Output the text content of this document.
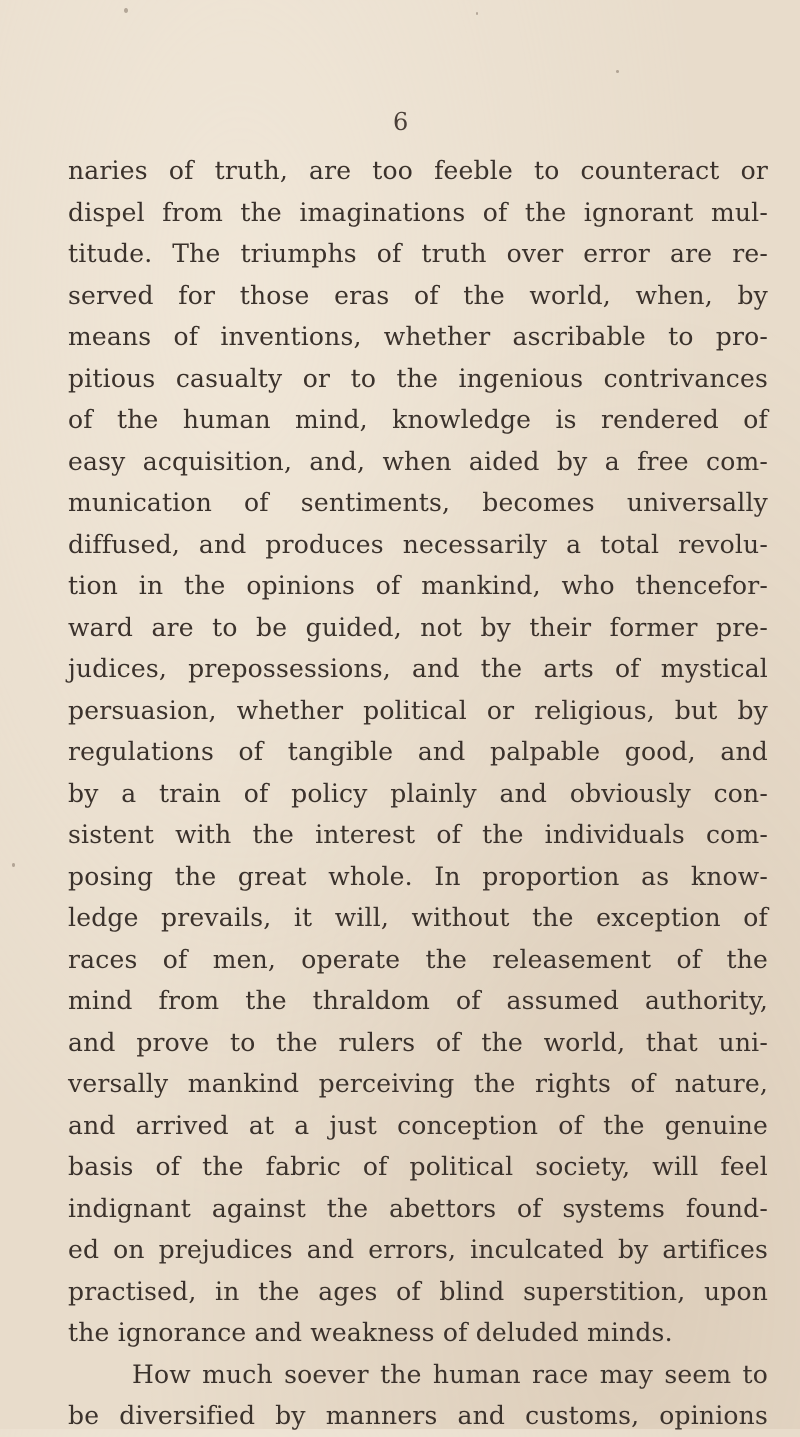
6
naries of truth, are too feeble to counteract or
dispel from the imaginations of the ignorant mul-
titude. The triumphs of truth over error are re-
served for those eras of the world, when, by
means of inventions, whether ascribable to pro-
pitious casualty or to the ingenious contrivances
of the human mind, knowledge is rendered of
easy acquisition, and, when aided by a free com-
munication of sentiments, becomes universally
diffused, and produces necessarily a total revolu-
tion in the opinions of mankind, who thencefor-
ward are to be guided, not by their former pre-
judices, prepossessions, and the arts of mystical
persuasion, whether political or religious, but by
regulations of tangible and palpable good, and
by a train of policy plainly and obviously con-
sistent with the interest of the individuals com-
posing the great whole. In proportion as know-
ledge prevails, it will, without the exception of
races of men, operate the releasement of the
mind from the thraldom of assumed authority,
and prove to the rulers of the world, that uni-
versally mankind perceiving the rights of nature,
and arrived at a just conception of the genuine
basis of the fabric of political society, will feel
indignant against the abettors of systems found-
ed on prejudices and errors, inculcated by artifices
practised, in the ages of blind superstition, upon
the ignorance and weakness of deluded minds.
How much soever the human race may seem to
be diversified by manners and customs, opinions
